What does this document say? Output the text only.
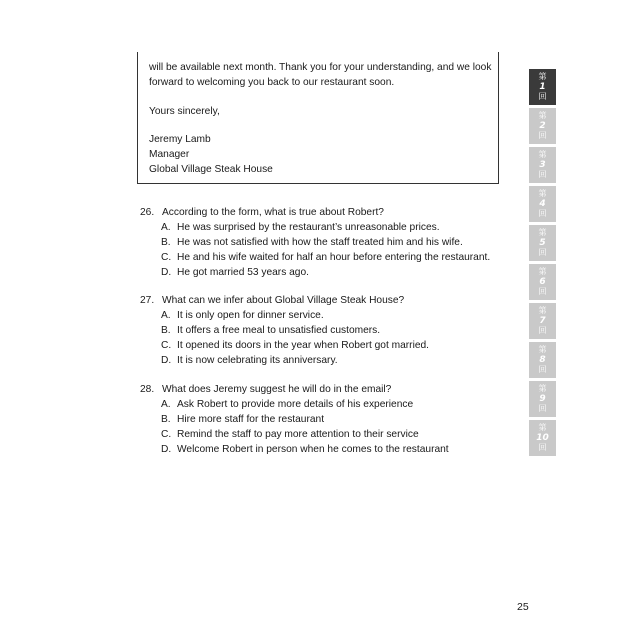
will be available next month. Thank you for your understanding, and we look

forward to welcoming you back to our restaurant soon.

Yours sincerely,

Jeremy Lamb

Manager

Global Village Steak House

26. According to the form, what is true about Robert?
A. He was surprised by the restaurant’s unreasonable prices.
B. He was not satisfied with how the staff treated him and his wife.
C. He and his wife waited for half an hour before entering the restaurant.
D. He got married 53 years ago.
27. What can we infer about Global Village Steak House?
A. It is only open for dinner service.
B. It offers a free meal to unsatisfied customers.
C. It opened its doors in the year when Robert got married.
D. It is now celebrating its anniversary.
28. What does Jeremy suggest he will do in the email?
A. Ask Robert to provide more details of his experience
B. Hire more staff for the restaurant
C. Remind the staff to pay more attention to their service
D. Welcome Robert in person when he comes to the restaurant
第
1
回
第
2
回
第
3
回
第
4
回
第
5
回
第
6
回
第
7
回
第
8
回
第
9
回
第
10
回
25
